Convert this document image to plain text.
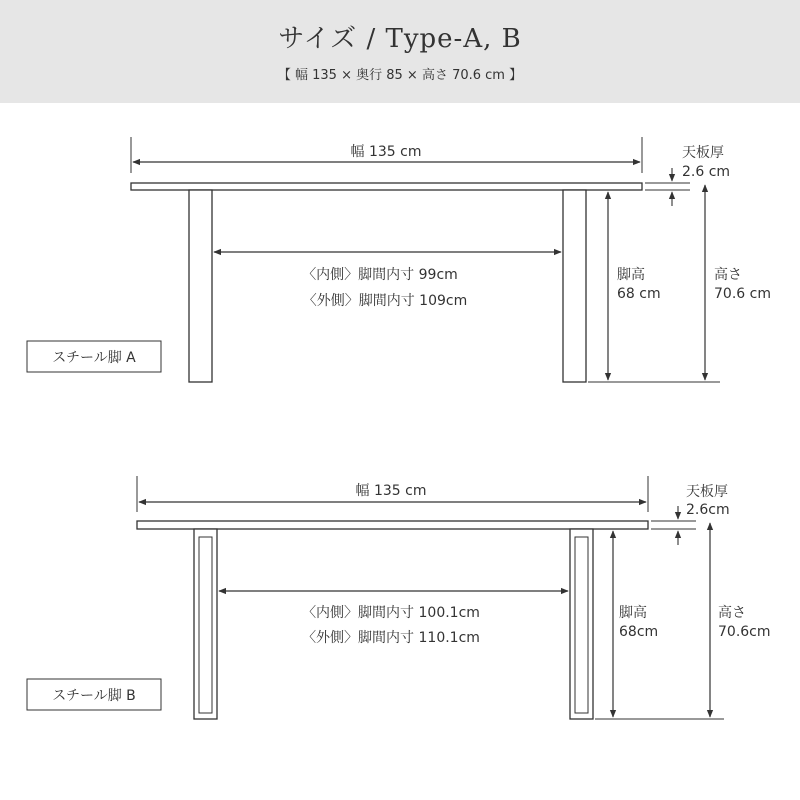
サイズ / Type-A, B
【 幅 135 × 奥行 85 × 高さ 70.6 cm 】
幅 135 cm
〈内側〉脚間内寸 99cm
〈外側〉脚間内寸 109cm
天板厚
2.6 cm
脚高
68 cm
高さ
70.6 cm
スチール脚 A
幅 135 cm
〈内側〉脚間内寸 100.1cm
〈外側〉脚間内寸 110.1cm
天板厚
2.6cm
脚高
68cm
高さ
70.6cm
スチール脚 B
